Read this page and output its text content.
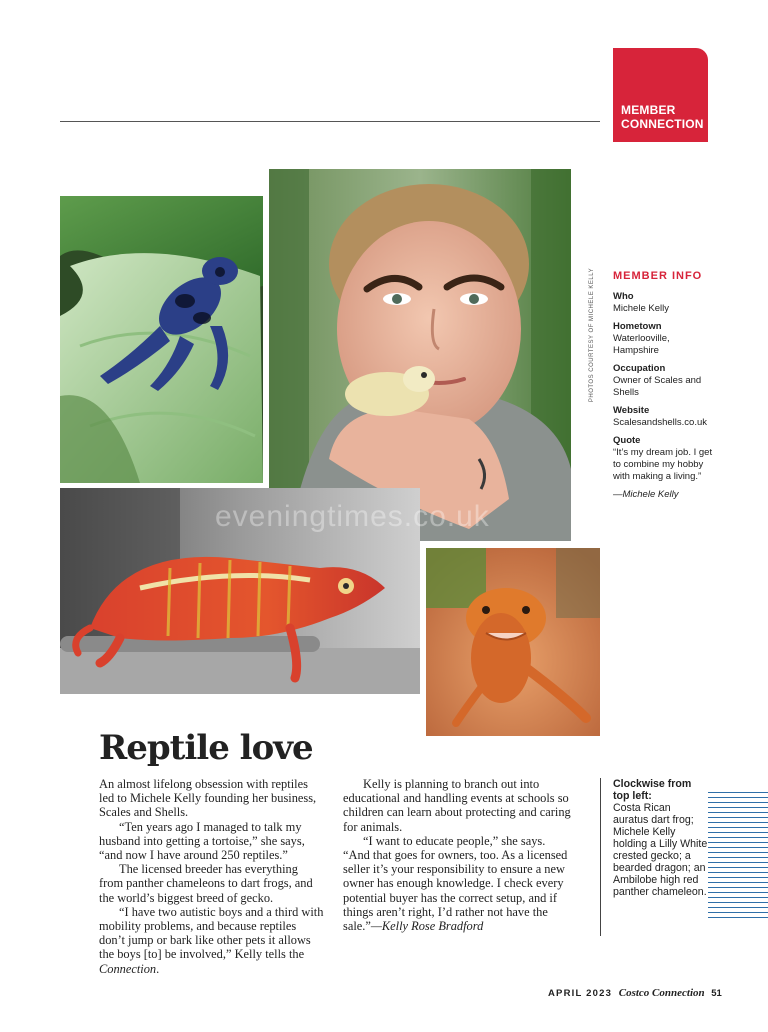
MEMBER
CONNECTION
PHOTOS COURTESY OF MICHELE KELLY MEMBER INFO
Who
Michele Kelly
Hometown
Waterlooville, Hampshire
Occupation
Owner of Scales and Shells
Website
Scalesandshells.co.uk
Quote
“It’s my dream job. I get to combine my hobby with making a living.”
—Michele Kelly
eveningtimes.co.uk
Reptile love

An almost lifelong obsession with reptiles led to Michele Kelly founding her business, Scales and Shells.

“Ten years ago I managed to talk my husband into getting a tortoise,” she says, “and now I have around 250 reptiles.”

The licensed breeder has everything from panther chameleons to dart frogs, and the world’s biggest breed of gecko.

“I have two autistic boys and a third with mobility problems, and because reptiles don’t jump or bark like other pets it allows the boys [to] be involved,” Kelly tells the Connection.

Kelly is planning to branch out into educational and handling events at schools so children can learn about protecting and caring for animals.

“I want to educate people,” she says. “And that goes for owners, too. As a licensed seller it’s your responsibility to ensure a new owner has enough knowledge. I check every potential buyer has the correct setup, and if things aren’t right, I’d rather not have the sale.”—Kelly Rose Bradford

Clockwise from top left:
Costa Rican auratus dart frog; Michele Kelly holding a Lilly White crested gecko; a bearded dragon; an Ambilobe high red panther chameleon.
APRIL 2023 Costco Connection 51
